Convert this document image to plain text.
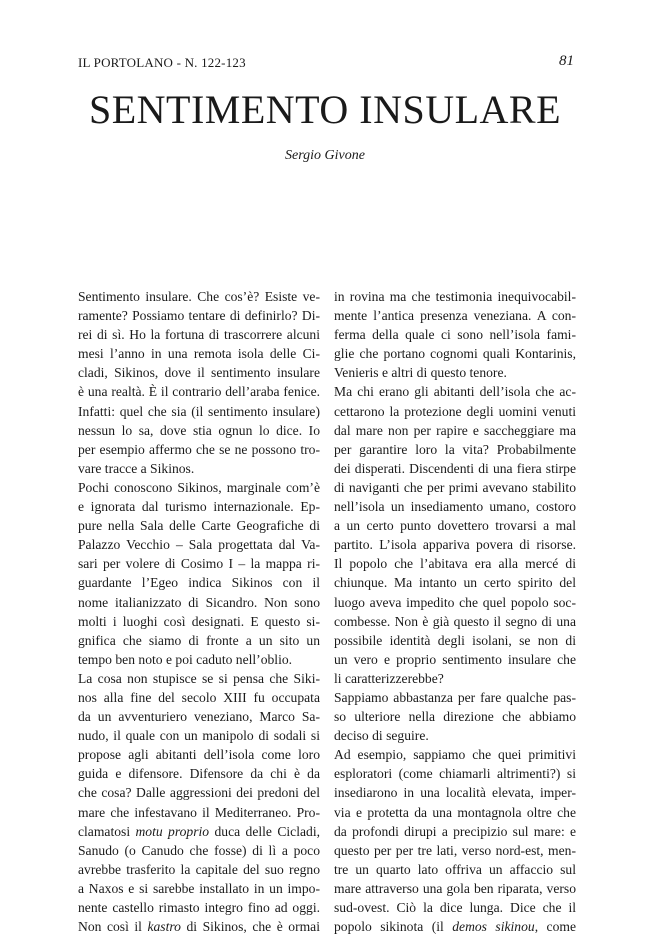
IL PORTOLANO - N. 122-123	81
SENTIMENTO INSULARE
Sergio Givone
Sentimento insulare. Che cos’è? Esiste ve-
ramente? Possiamo tentare di definirlo? Di-
rei di sì. Ho la fortuna di trascorrere alcuni
mesi l’anno in una remota isola delle Ci-
cladi, Sikinos, dove il sentimento insulare
è una realtà. È il contrario dell’araba fenice.
Infatti: quel che sia (il sentimento insulare)
nessun lo sa, dove stia ognun lo dice. Io
per esempio affermo che se ne possono tro-
vare tracce a Sikinos.
Pochi conoscono Sikinos, marginale com’è
e ignorata dal turismo internazionale. Ep-
pure nella Sala delle Carte Geografiche di
Palazzo Vecchio – Sala progettata dal Va-
sari per volere di Cosimo I – la mappa ri-
guardante l’Egeo indica Sikinos con il
nome italianizzato di Sicandro. Non sono
molti i luoghi così designati. E questo si-
gnifica che siamo di fronte a un sito un
tempo ben noto e poi caduto nell’oblio.
La cosa non stupisce se si pensa che Siki-
nos alla fine del secolo XIII fu occupata
da un avventuriero veneziano, Marco Sa-
nudo, il quale con un manipolo di sodali si
propose agli abitanti dell’isola come loro
guida e difensore. Difensore da chi è da
che cosa? Dalle aggressioni dei predoni del
mare che infestavano il Mediterraneo. Pro-
clamatosi motu proprio duca delle Cicladi,
Sanudo (o Canudo che fosse) di lì a poco
avrebbe trasferito la capitale del suo regno
a Naxos e si sarebbe installato in un impo-
nente castello rimasto integro fino ad oggi.
Non così il kastro di Sikinos, che è ormai
in rovina ma che testimonia inequivocabil-
mente l’antica presenza veneziana. A con-
ferma della quale ci sono nell’isola fami-
glie che portano cognomi quali Kontarinis,
Venieris e altri di questo tenore.
Ma chi erano gli abitanti dell’isola che ac-
cettarono la protezione degli uomini venuti
dal mare non per rapire e saccheggiare ma
per garantire loro la vita? Probabilmente
dei disperati. Discendenti di una fiera stirpe
di naviganti che per primi avevano stabilito
nell’isola un insediamento umano, costoro
a un certo punto dovettero trovarsi a mal
partito. L’isola appariva povera di risorse.
Il popolo che l’abitava era alla mercé di
chiunque. Ma intanto un certo spirito del
luogo aveva impedito che quel popolo soc-
combesse. Non è già questo il segno di una
possibile identità degli isolani, se non di
un vero e proprio sentimento insulare che
li caratterizzerebbe?
Sappiamo abbastanza per fare qualche pas-
so ulteriore nella direzione che abbiamo
deciso di seguire.
Ad esempio, sappiamo che quei primitivi
esploratori (come chiamarli altrimenti?) si
insediarono in una località elevata, imper-
via e protetta da una montagnola oltre che
da profondi dirupi a precipizio sul mare: e
questo per per tre lati, verso nord-est, men-
tre un quarto lato offriva un affaccio sul
mare attraverso una gola ben riparata, verso
sud-ovest. Ciò la dice lunga. Dice che il
popolo sikinota (il demos sikinou, come
